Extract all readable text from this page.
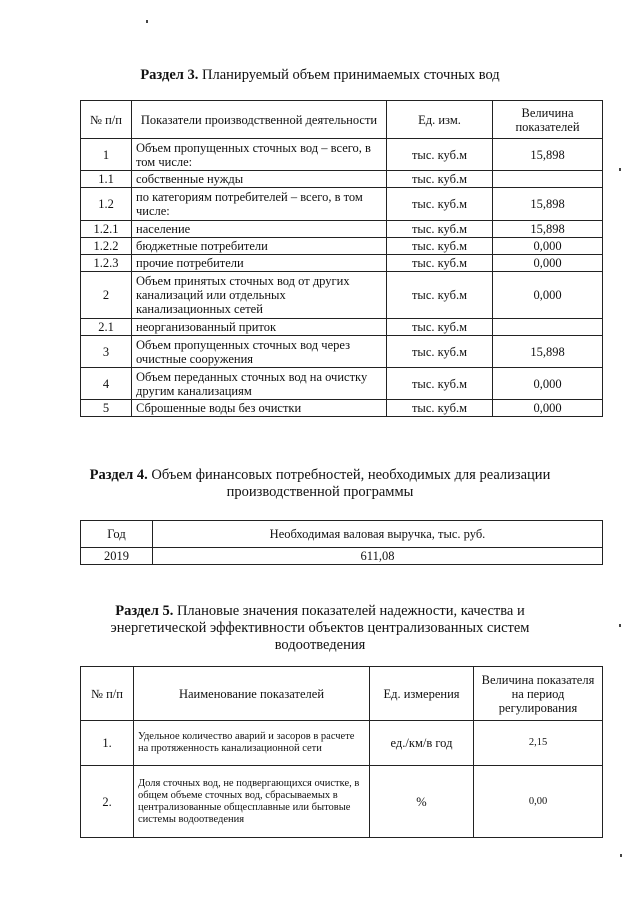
Раздел 3. Планируемый объем принимаемых сточных вод
№ п/п	Показатели производственной деятельности	Ед. изм.	Величина показателей
1	Объем пропущенных сточных вод – всего, в том числе:	тыс. куб.м	15,898
1.1	собственные нужды	тыс. куб.м	
1.2	по категориям потребителей – всего, в том числе:	тыс. куб.м	15,898
1.2.1	население	тыс. куб.м	15,898
1.2.2	бюджетные потребители	тыс. куб.м	0,000
1.2.3	прочие потребители	тыс. куб.м	0,000
2	Объем принятых сточных вод от других канализаций или отдельных канализационных сетей	тыс. куб.м	0,000
2.1	неорганизованный приток	тыс. куб.м	
3	Объем пропущенных сточных вод через очистные сооружения	тыс. куб.м	15,898
4	Объем переданных сточных вод на очистку другим канализациям	тыс. куб.м	0,000
5	Сброшенные воды без очистки	тыс. куб.м	0,000
Раздел 4. Объем финансовых потребностей, необходимых для реализации
производственной программы
Год	Необходимая валовая выручка, тыс. руб.
2019	611,08
Раздел 5. Плановые значения показателей надежности, качества и
энергетической эффективности объектов централизованных систем
водоотведения
№ п/п	Наименование показателей	Ед. измерения	Величина показателя на период регулирования
1.	Удельное количество аварий и засоров в расчете на протяженность канализационной сети	ед./км/в год	2,15
2.	Доля сточных вод, не подвергающихся очистке, в общем объеме сточных вод, сбрасываемых в централизованные общесплавные или бытовые системы водоотведения	%	0,00
